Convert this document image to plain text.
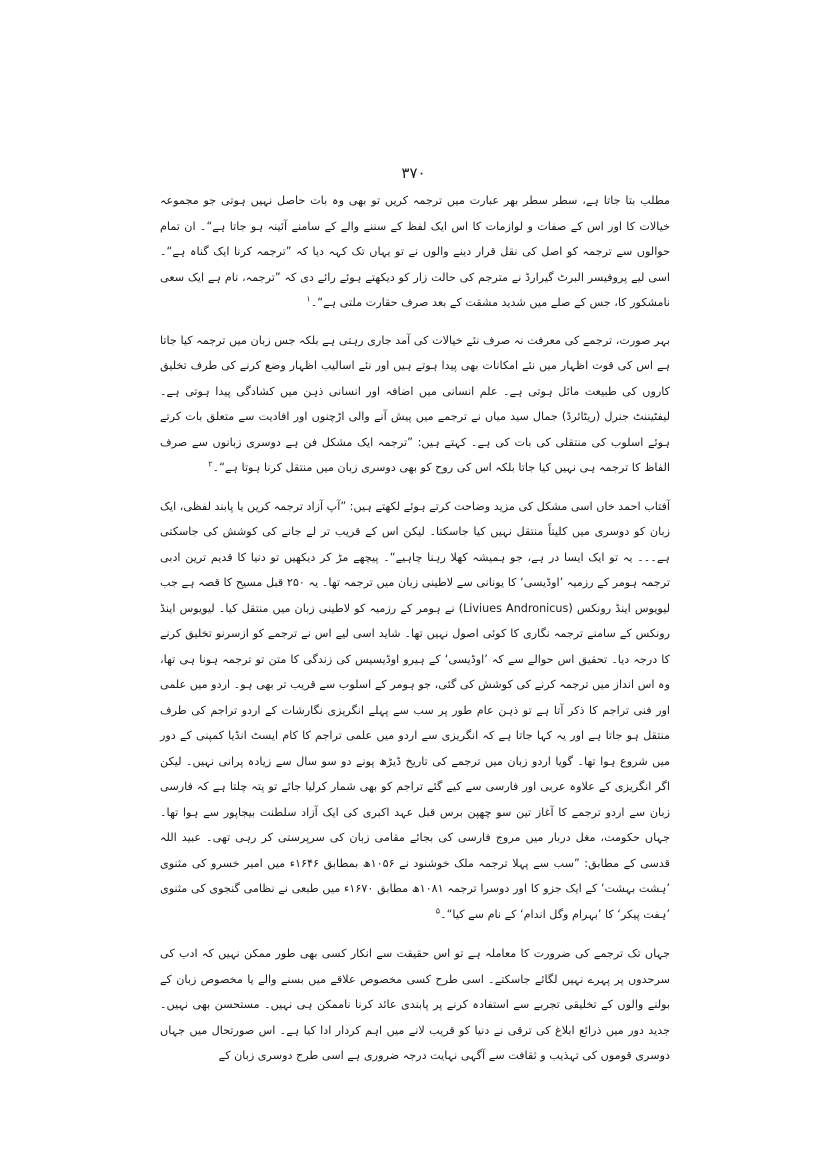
۳۷۰

مطلب بتا جاتا ہے، سطر سطر بھر عبارت میں ترجمہ کریں تو بھی وہ بات حاصل نہیں ہوتی جو مجموعہ خیالات کا اور اس کے صفات و لوازمات کا اس ایک لفظ کے سننے والے کے سامنے آئینہ ہو جاتا ہے“۔ ان تمام حوالوں سے ترجمہ کو اصل کی نقل قرار دینے والوں نے تو یہاں تک کہہ دیا کہ ”ترجمہ کرنا ایک گناہ ہے“۔ اسی لیے پروفیسر البرٹ گیرارڈ نے مترجم کی حالت زار کو دیکھتے ہوئے رائے دی کہ ”ترجمہ، نام ہے ایک سعی نامشکور کا، جس کے صلے میں شدید مشقت کے بعد صرف حقارت ملتی ہے“۔$^۱$

بہر صورت، ترجمے کی معرفت نہ صرف نئے خیالات کی آمد جاری رہتی ہے بلکہ جس زبان میں ترجمہ کیا جاتا ہے اس کی قوت اظہار میں نئے امکانات بھی پیدا ہوتے ہیں اور نئے اسالیب اظہار وضع کرنے کی طرف تخلیق کاروں کی طبیعت مائل ہوتی ہے۔ علم انسانی میں اضافہ اور انسانی ذہن میں کشادگی پیدا ہوتی ہے۔ لیفٹیننٹ جنرل (ریٹائرڈ) جمال سید میاں نے ترجمے میں پیش آنے والی اڑچنوں اور افادیت سے متعلق بات کرتے ہوئے اسلوب کی منتقلی کی بات کی ہے۔ کہتے ہیں: ”ترجمہ ایک مشکل فن ہے دوسری زبانوں سے صرف الفاظ کا ترجمہ ہی نہیں کیا جاتا بلکہ اس کی روح کو بھی دوسری زبان میں منتقل کرنا ہوتا ہے“۔$^۲$

آفتاب احمد خاں اسی مشکل کی مزید وضاحت کرتے ہوئے لکھتے ہیں: ”آپ آزاد ترجمہ کریں یا پابند لفظی، ایک زبان کو دوسری میں کلیتاً منتقل نہیں کیا جاسکتا۔ لیکن اس کے قریب تر لے جانے کی کوشش کی جاسکتی ہے۔۔۔ یہ تو ایک ایسا در ہے، جو ہمیشہ کھلا رہنا چاہیے“۔ پیچھے مڑ کر دیکھیں تو دنیا کا قدیم ترین ادبی ترجمہ ہومر کے رزمیہ ’اوڈیسی‘ کا یونانی سے لاطینی زبان میں ترجمہ تھا۔ یہ ۲۵۰ قبل مسیح کا قصہ ہے جب لیویوس اینڈ رونکس (Liviues Andronicus) نے ہومر کے رزمیہ کو لاطینی زبان میں منتقل کیا۔ لیویوس اینڈ رونکس کے سامنے ترجمہ نگاری کا کوئی اصول نہیں تھا۔ شاید اسی لیے اس نے ترجمے کو ازسرنو تخلیق کرنے کا درجہ دیا۔ تحقیق اس حوالے سے کہ ’اوڈیسی‘ کے ہیرو اوڈیسیس کی زندگی کا متن تو ترجمہ ہونا ہی تھا، وہ اس انداز میں ترجمہ کرنے کی کوشش کی گئی، جو ہومر کے اسلوب سے قریب تر بھی ہو۔ اردو میں علمی اور فنی تراجم کا ذکر آتا ہے تو ذہن عام طور پر سب سے پہلے انگریزی نگارشات کے اردو تراجم کی طرف منتقل ہو جاتا ہے اور یہ کہا جاتا ہے کہ انگریزی سے اردو میں علمی تراجم کا کام ایسٹ انڈیا کمپنی کے دور میں شروع ہوا تھا۔ گویا اردو زبان میں ترجمے کی تاریخ ڈیڑھ پونے دو سو سال سے زیادہ پرانی نہیں۔ لیکن اگر انگریزی کے علاوہ عربی اور فارسی سے کیے گئے تراجم کو بھی شمار کرلیا جائے تو پتہ چلتا ہے کہ فارسی زبان سے اردو ترجمے کا آغاز تین سو چھپن برس قبل عہد اکبری کی ایک آزاد سلطنت بیجاپور سے ہوا تھا۔ جہاں حکومت، مغل دربار میں مروج فارسی کی بجائے مقامی زبان کی سرپرستی کر رہی تھی۔ عبید اللہ قدسی کے مطابق: ”سب سے پہلا ترجمہ ملک خوشنود نے ۱۰۵۶ھ بمطابق ۱۶۴۶ء میں امیر خسرو کی مثنوی ’ہشت بہشت‘ کے ایک جزو کا اور دوسرا ترجمہ ۱۰۸۱ھ مطابق ۱۶۷۰ء میں طبعی نے نظامی گنجوی کی مثنوی ’ہفت پیکر‘ کا ’بہرام وگل اندام‘ کے نام سے کیا“۔$^۵$

جہاں تک ترجمے کی ضرورت کا معاملہ ہے تو اس حقیقت سے انکار کسی بھی طور ممکن نہیں کہ ادب کی سرحدوں پر پہرے نہیں لگائے جاسکتے۔ اسی طرح کسی مخصوص علاقے میں بسنے والے یا مخصوص زبان کے بولنے والوں کے تخلیقی تجربے سے استفادہ کرنے پر پابندی عائد کرنا ناممکن ہی نہیں۔ مستحسن بھی نہیں۔ جدید دور میں ذرائع ابلاغ کی ترقی نے دنیا کو قریب لانے میں اہم کردار ادا کیا ہے۔ اس صورتحال میں جہاں دوسری قوموں کی تہذیب و ثقافت سے آگہی نہایت درجہ ضروری ہے اسی طرح دوسری زبان کے
